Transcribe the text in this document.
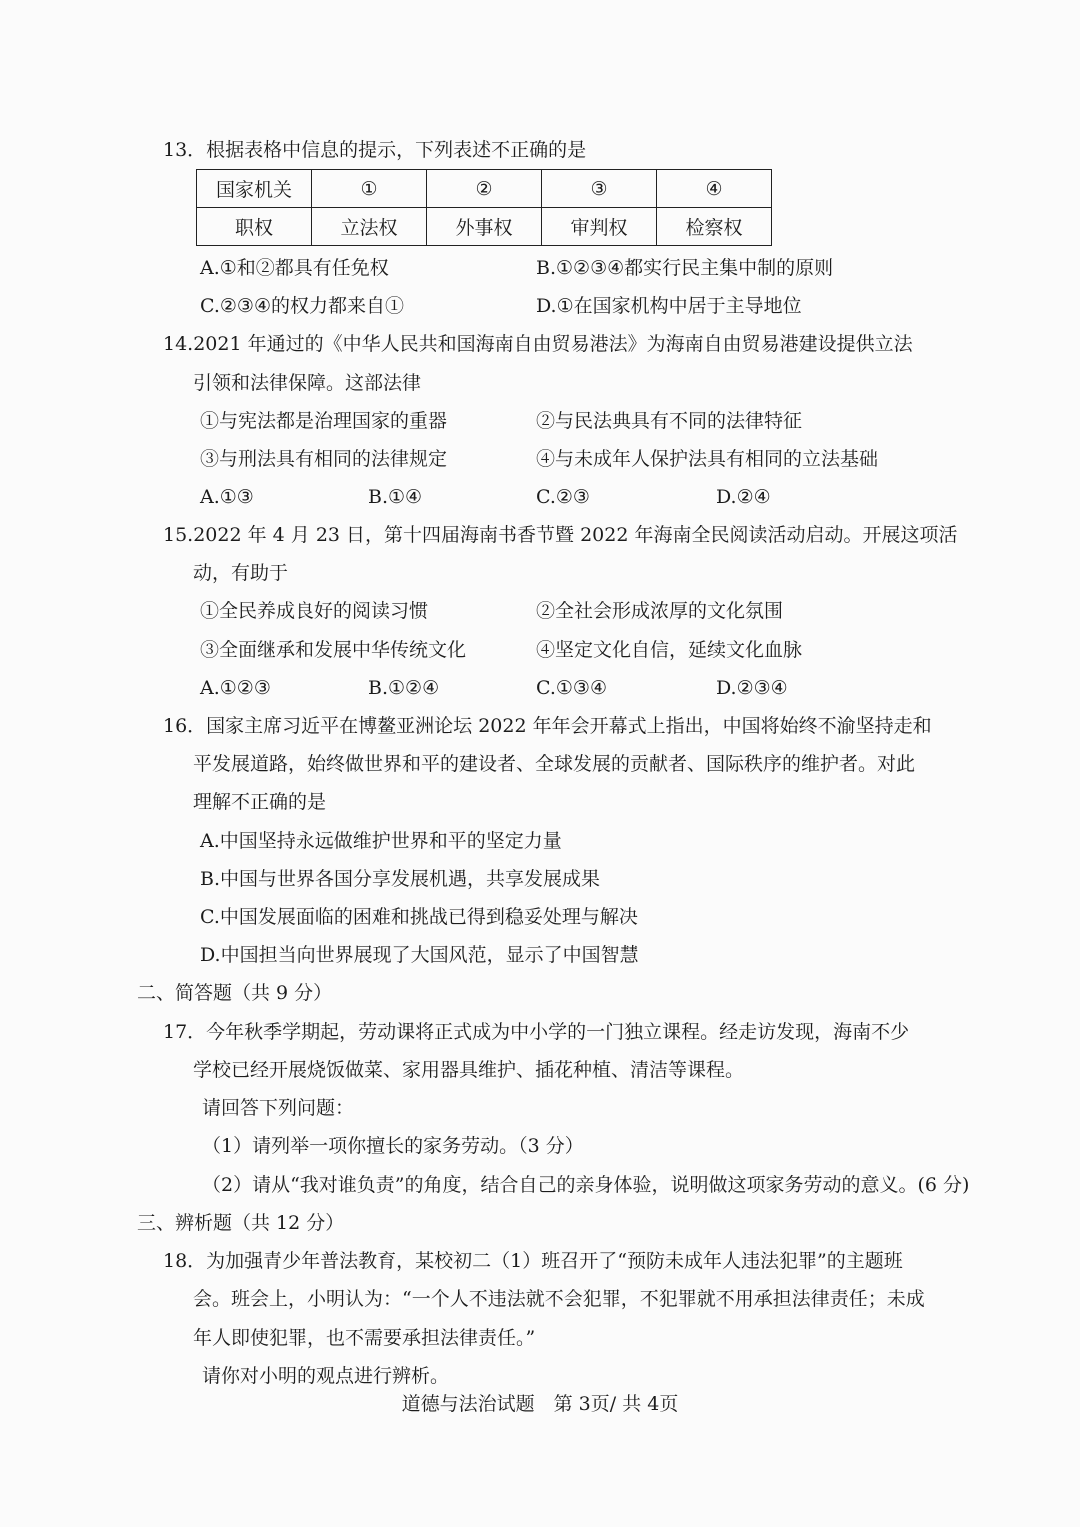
13．根据表格中信息的提示，下列表述不正确的是
国家机关	①	②	③	④
职权	立法权	外事权	审判权	检察权
A.①和②都具有任免权	B.①②③④都实行民主集中制的原则
C.②③④的权力都来自①	D.①在国家机构中居于主导地位
14.2021 年通过的《中华人民共和国海南自由贸易港法》为海南自由贸易港建设提供立法
引领和法律保障。这部法律
①与宪法都是治理国家的重器	②与民法典具有不同的法律特征
③与刑法具有相同的法律规定	④与未成年人保护法具有相同的立法基础
A.①③	B.①④	C.②③	D.②④
15.2022 年 4 月 23 日，第十四届海南书香节暨 2022 年海南全民阅读活动启动。开展这项活
动，有助于
①全民养成良好的阅读习惯	②全社会形成浓厚的文化氛围
③全面继承和发展中华传统文化	④坚定文化自信，延续文化血脉
A.①②③	B.①②④	C.①③④	D.②③④
16．国家主席习近平在博鳌亚洲论坛 2022 年年会开幕式上指出，中国将始终不渝坚持走和
平发展道路，始终做世界和平的建设者、全球发展的贡献者、国际秩序的维护者。对此
理解不正确的是
A.中国坚持永远做维护世界和平的坚定力量
B.中国与世界各国分享发展机遇，共享发展成果
C.中国发展面临的困难和挑战已得到稳妥处理与解决
D.中国担当向世界展现了大国风范，显示了中国智慧
二、简答题（共 9 分）
17．今年秋季学期起，劳动课将正式成为中小学的一门独立课程。经走访发现，海南不少
学校已经开展烧饭做菜、家用器具维护、插花种植、清洁等课程。
请回答下列问题：
（1）请列举一项你擅长的家务劳动。（3 分）
（2）请从“我对谁负责”的角度，结合自己的亲身体验，说明做这项家务劳动的意义。(6 分)
三、辨析题（共 12 分）
18．为加强青少年普法教育，某校初二（1）班召开了“预防未成年人违法犯罪”的主题班
会。班会上，小明认为：“一个人不违法就不会犯罪，不犯罪就不用承担法律责任；未成
年人即使犯罪，也不需要承担法律责任。”
请你对小明的观点进行辨析。
道德与法治试题　第 3页/ 共 4页
